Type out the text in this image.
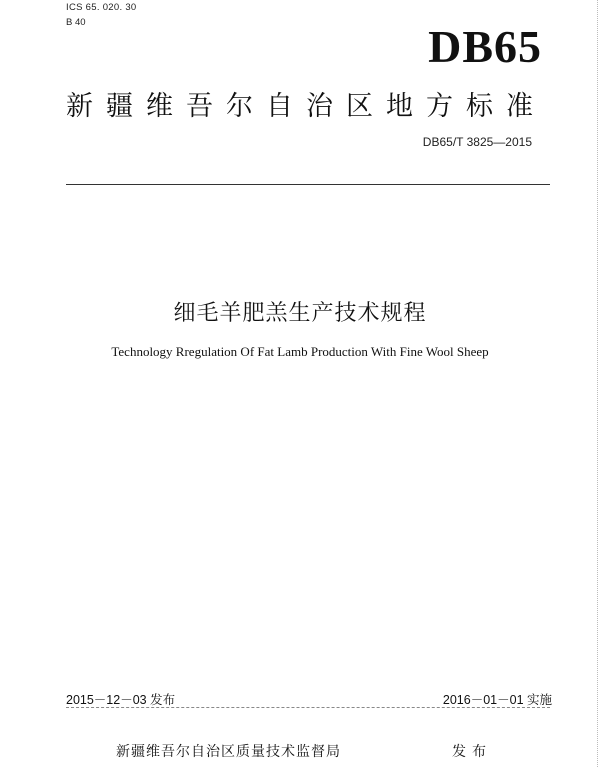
ICS 65. 020. 30
B 40	DB65
新疆维吾尔自治区地方标准
DB65/T 3825—2015
细毛羊肥羔生产技术规程
Technology Rregulation Of Fat Lamb Production With Fine Wool Sheep
2015－12－03 发布	2016－01－01 实施
新疆维吾尔自治区质量技术监督局	发布
